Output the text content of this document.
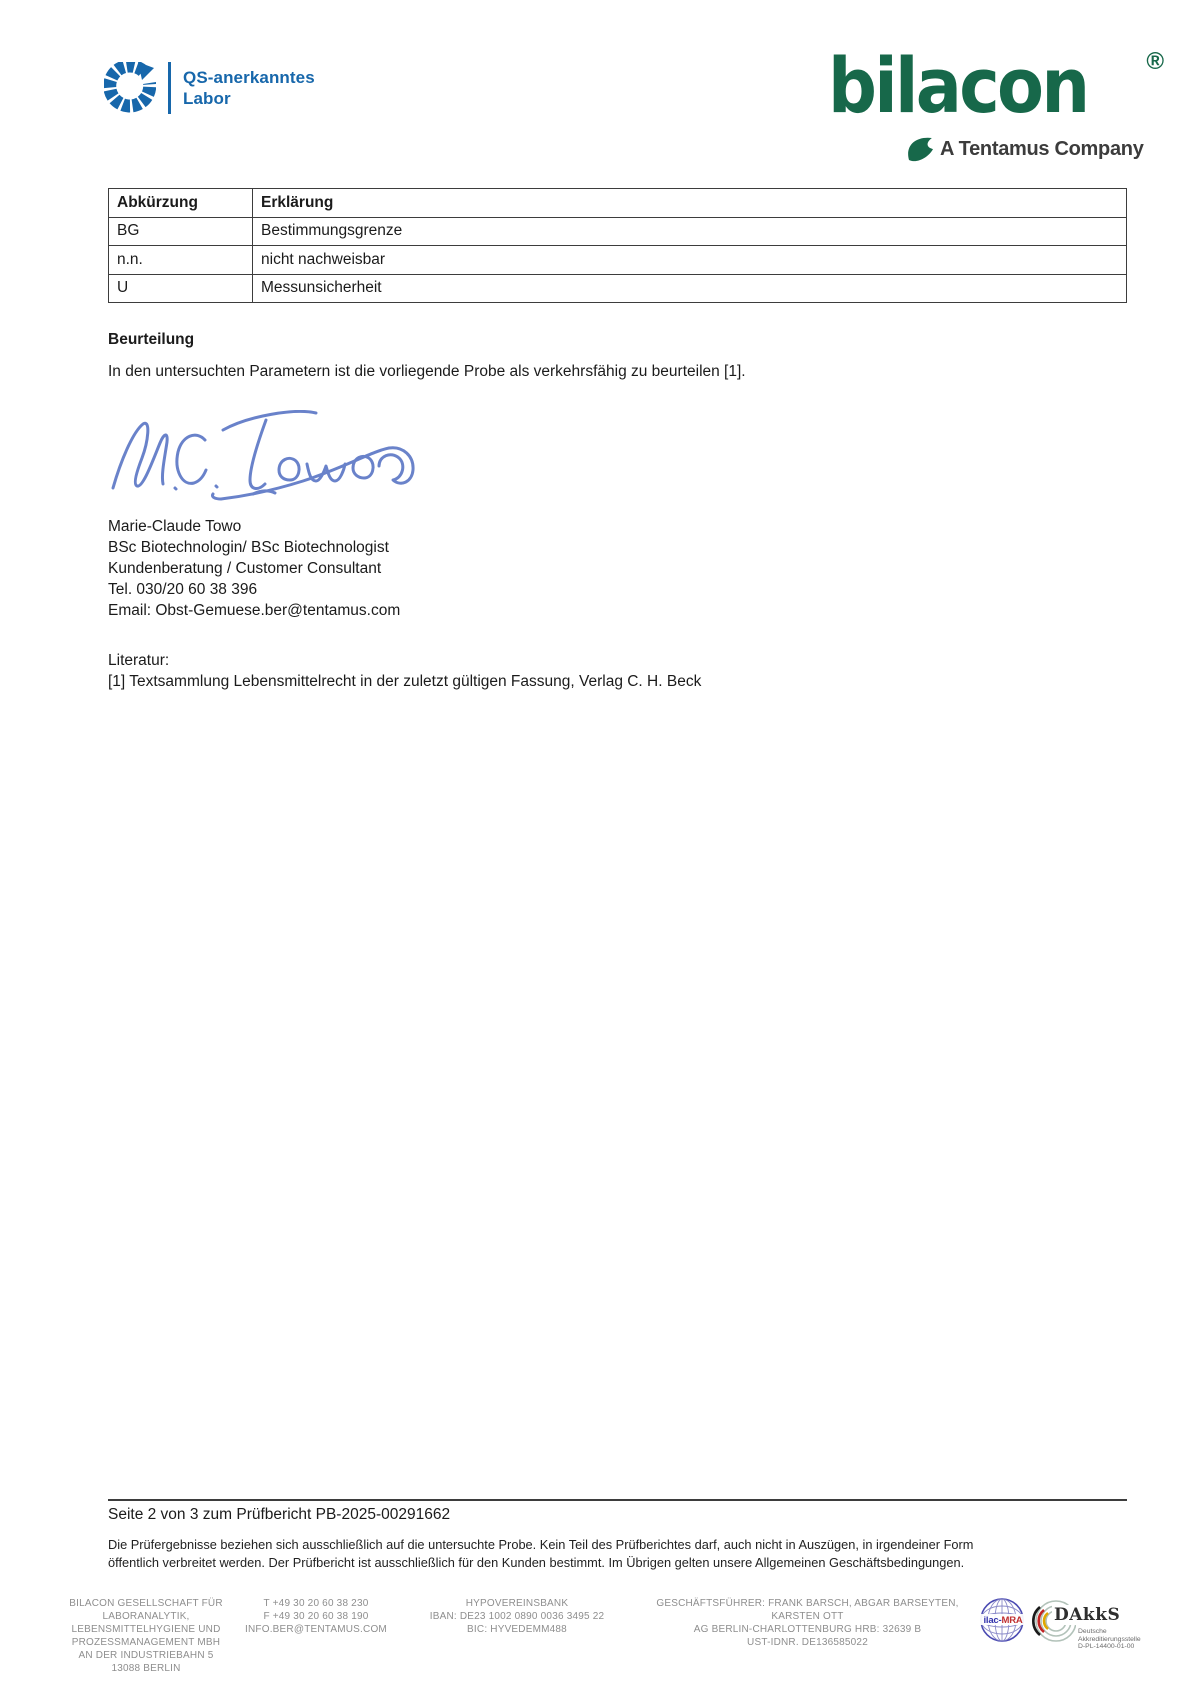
QS-anerkanntes
Labor	bilacon ®
A Tentamus Company
Abkürzung	Erklärung
BG	Bestimmungsgrenze
n.n.	nicht nachweisbar
U	Messunsicherheit
Beurteilung
In den untersuchten Parametern ist die vorliegende Probe als verkehrsfähig zu beurteilen [1].
Marie-Claude Towo
BSc Biotechnologin/ BSc Biotechnologist
Kundenberatung / Customer Consultant
Tel. 030/20 60 38 396
Email: Obst-Gemuese.ber@tentamus.com
Literatur:
[1] Textsammlung Lebensmittelrecht in der zuletzt gültigen Fassung, Verlag C. H. Beck
Seite 2 von 3 zum Prüfbericht PB-2025-00291662
Die Prüfergebnisse beziehen sich ausschließlich auf die untersuchte Probe. Kein Teil des Prüfberichtes darf, auch nicht in Auszügen, in irgendeiner Form
öffentlich verbreitet werden. Der Prüfbericht ist ausschließlich für den Kunden bestimmt. Im Übrigen gelten unsere Allgemeinen Geschäftsbedingungen.
BILACON GESELLSCHAFT FÜR
LABORANALYTIK,
LEBENSMITTELHYGIENE UND
PROZESSMANAGEMENT MBH
AN DER INDUSTRIEBAHN 5
13088 BERLIN
T +49 30 20 60 38 230
F +49 30 20 60 38 190
INFO.BER@TENTAMUS.COM
HYPOVEREINSBANK
IBAN: DE23 1002 0890 0036 3495 22
BIC: HYVEDEMM488
GESCHÄFTSFÜHRER: FRANK BARSCH, ABGAR BARSEYTEN,
KARSTEN OTT
AG BERLIN-CHARLOTTENBURG HRB: 32639 B
UST-IDNR. DE136585022
ilac-MRA DAkkS
Deutsche
Akkreditierungsstelle
D-PL-14400-01-00
